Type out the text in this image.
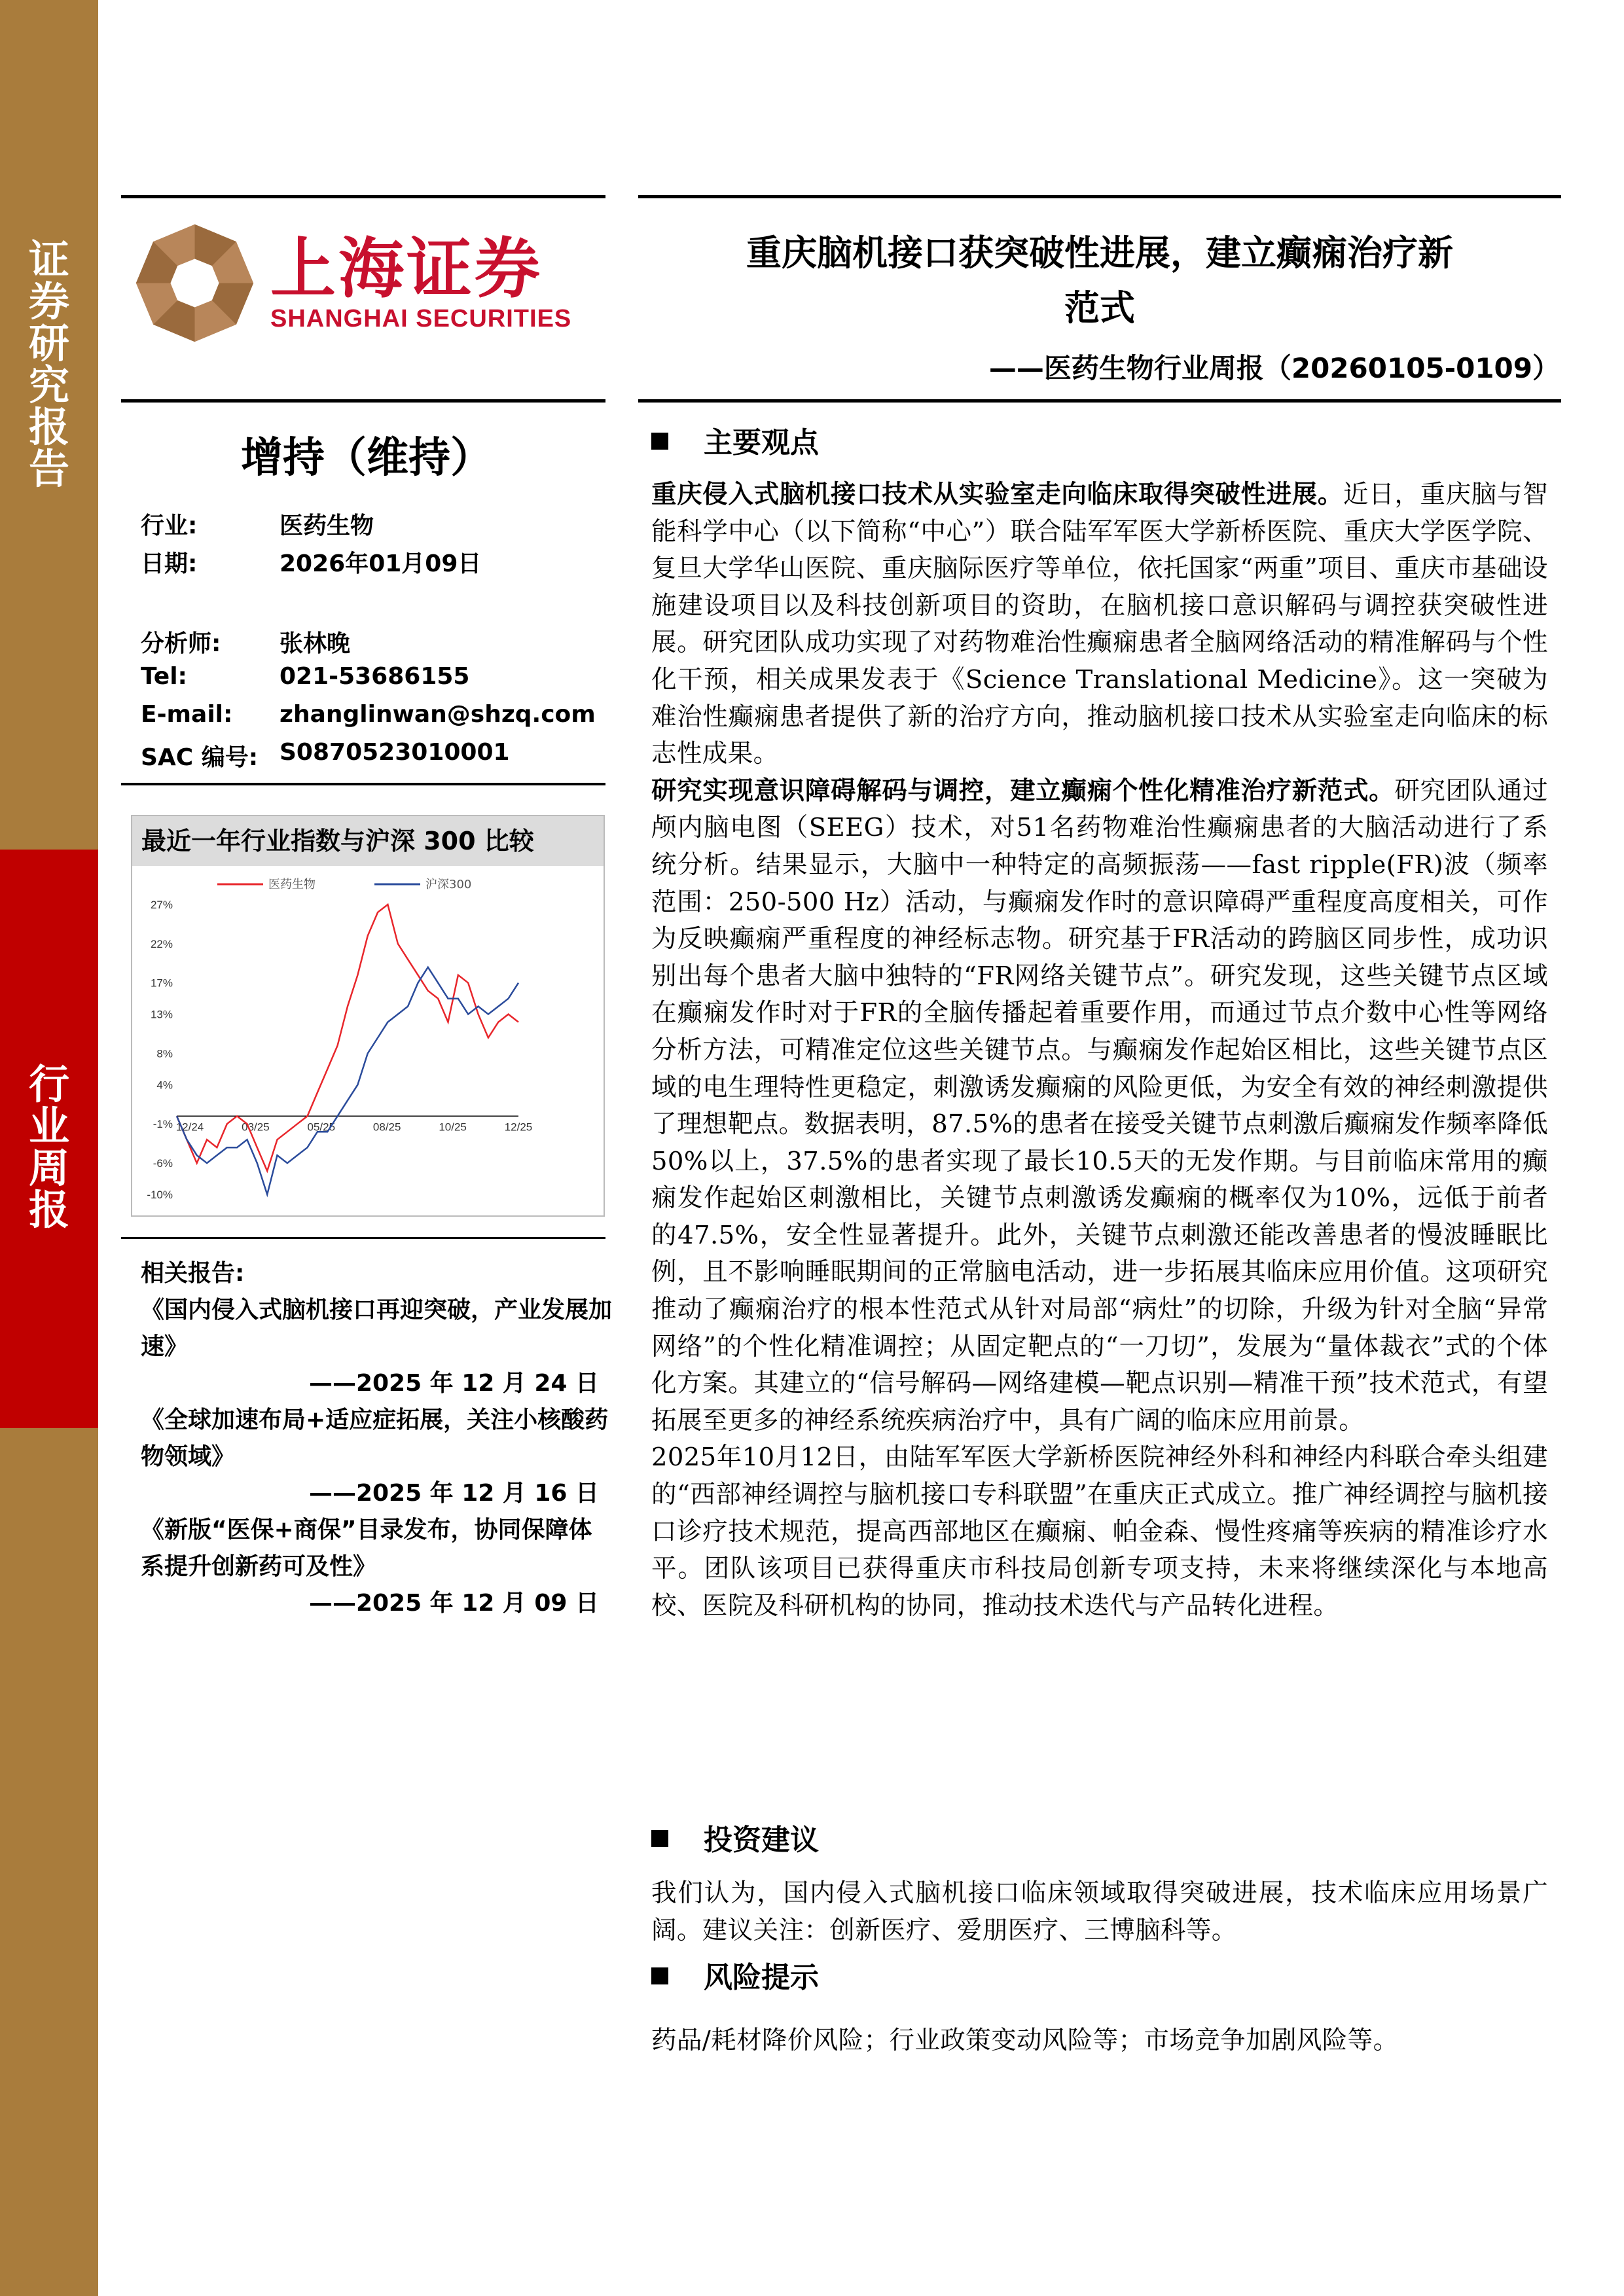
证
券
研
究
报
告
行
业
周
报
上海证券
SHANGHAI SECURITIES
重庆脑机接口获突破性进展，建立癫痫治疗新
范式
——医药生物行业周报（20260105-0109）
增持（维持）
行业:	医药生物
日期:	2026年01月09日
分析师: 张林晚
Tel:	021-53686155
E-mail: zhanglinwan@shzq.com
SAC 编号: S0870523010001
最近一年行业指数与沪深 300 比较
27%
22%
17%
13%
8%
4%
-1%
-6%
-10%
12/24	03/25	05/25	08/25	10/25	12/25
医药生物	沪深300
相关报告:
《国内侵入式脑机接口再迎突破，产业发展加速》
——2025 年 12 月 24 日
《全球加速布局+适应症拓展，关注小核酸药物领域》
——2025 年 12 月 16 日
《新版“医保+商保”目录发布，协同保障体系提升创新药可及性》
——2025 年 12 月 09 日
主要观点

重庆侵入式脑机接口技术从实验室走向临床取得突破性进展。近日，重庆脑与智能科学中心（以下简称“中心”）联合陆军军医大学新桥医院、重庆大学医学院、复旦大学华山医院、重庆脑际医疗等单位，依托国家“两重”项目、重庆市基础设施建设项目以及科技创新项目的资助，在脑机接口意识解码与调控获突破性进展。研究团队成功实现了对药物难治性癫痫患者全脑网络活动的精准解码与个性化干预，相关成果发表于《Science Translational Medicine》。这一突破为难治性癫痫患者提供了新的治疗方向，推动脑机接口技术从实验室走向临床的标志性成果。

研究实现意识障碍解码与调控，建立癫痫个性化精准治疗新范式。研究团队通过颅内脑电图（SEEG）技术，对51名药物难治性癫痫患者的大脑活动进行了系统分析。结果显示，大脑中一种特定的高频振荡——fast ripple(FR)波（频率范围：250-500 Hz）活动，与癫痫发作时的意识障碍严重程度高度相关，可作为反映癫痫严重程度的神经标志物。研究基于FR活动的跨脑区同步性，成功识别出每个患者大脑中独特的“FR网络关键节点”。研究发现，这些关键节点区域在癫痫发作时对于FR的全脑传播起着重要作用，而通过节点介数中心性等网络分析方法，可精准定位这些关键节点。与癫痫发作起始区相比，这些关键节点区域的电生理特性更稳定，刺激诱发癫痫的风险更低，为安全有效的神经刺激提供了理想靶点。数据表明，87.5%的患者在接受关键节点刺激后癫痫发作频率降低50%以上，37.5%的患者实现了最长10.5天的无发作期。与目前临床常用的癫痫发作起始区刺激相比，关键节点刺激诱发癫痫的概率仅为10%，远低于前者的47.5%，安全性显著提升。此外，关键节点刺激还能改善患者的慢波睡眠比例，且不影响睡眠期间的正常脑电活动，进一步拓展其临床应用价值。这项研究推动了癫痫治疗的根本性范式从针对局部“病灶”的切除，升级为针对全脑“异常网络”的个性化精准调控；从固定靶点的“一刀切”，发展为“量体裁衣”式的个体化方案。其建立的“信号解码—网络建模—靶点识别—精准干预”技术范式，有望拓展至更多的神经系统疾病治疗中，具有广阔的临床应用前景。

2025年10月12日，由陆军军医大学新桥医院神经外科和神经内科联合牵头组建的“西部神经调控与脑机接口专科联盟”在重庆正式成立。推广神经调控与脑机接口诊疗技术规范，提高西部地区在癫痫、帕金森、慢性疼痛等疾病的精准诊疗水平。团队该项目已获得重庆市科技局创新专项支持，未来将继续深化与本地高校、医院及科研机构的协同，推动技术迭代与产品转化进程。

投资建议
我们认为，国内侵入式脑机接口临床领域取得突破进展，技术临床应用场景广阔。建议关注：创新医疗、爱朋医疗、三博脑科等。
风险提示
药品/耗材降价风险；行业政策变动风险等；市场竞争加剧风险等。
